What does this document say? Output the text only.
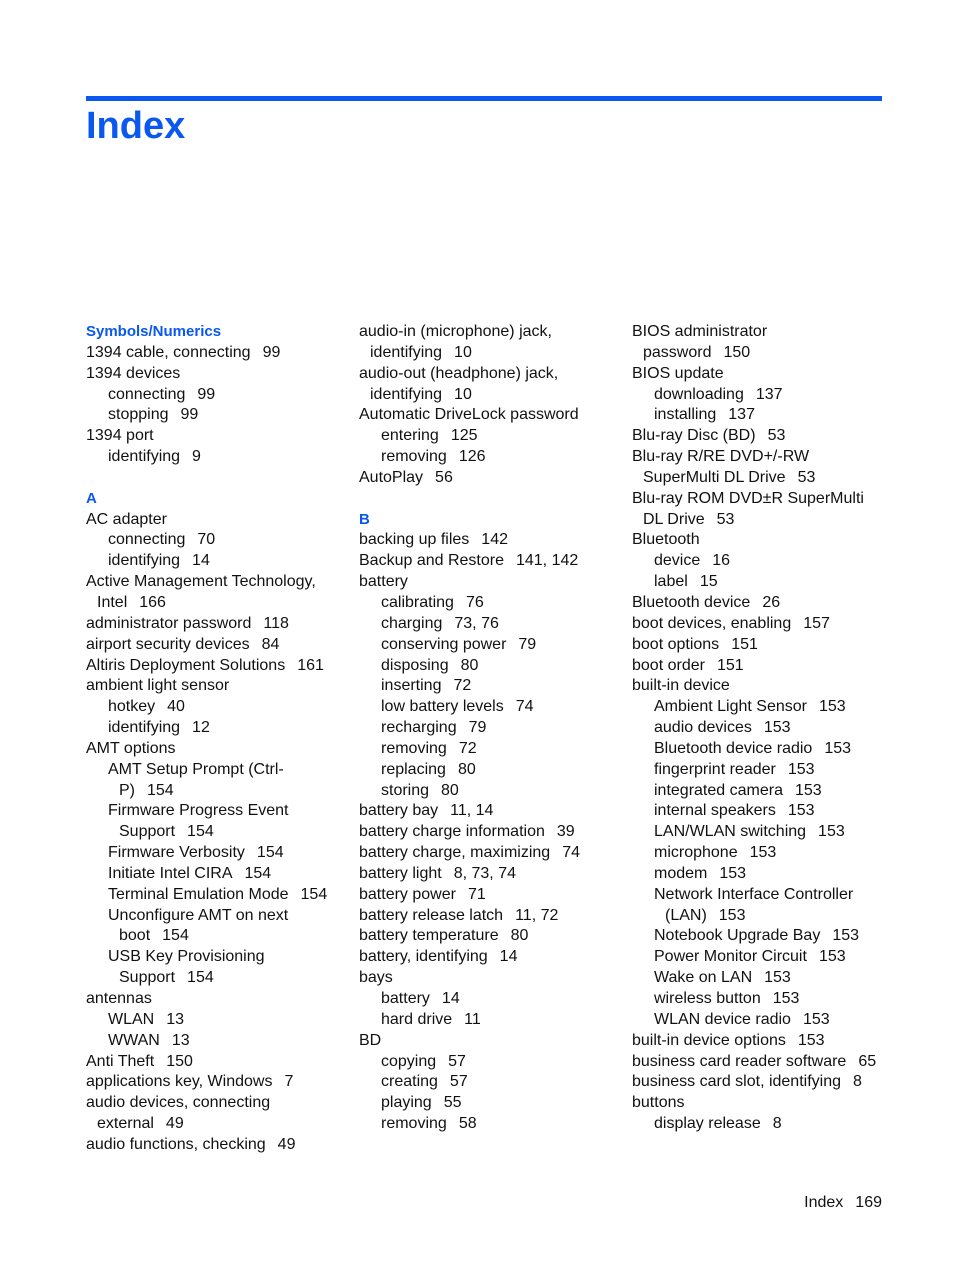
Index
Symbols/Numerics
1394 cable, connecting 99
1394 devices
connecting 99
stopping 99
1394 port
identifying 9
A
AC adapter
connecting 70
identifying 14
Active Management Technology,
Intel 166
administrator password 118
airport security devices 84
Altiris Deployment Solutions 161
ambient light sensor
hotkey 40
identifying 12
AMT options
AMT Setup Prompt (Ctrl-
P) 154
Firmware Progress Event
Support 154
Firmware Verbosity 154
Initiate Intel CIRA 154
Terminal Emulation Mode 154
Unconfigure AMT on next
boot 154
USB Key Provisioning
Support 154
antennas
WLAN 13
WWAN 13
Anti Theft 150
applications key, Windows 7
audio devices, connecting
external 49
audio functions, checking 49
audio-in (microphone) jack,
identifying 10
audio-out (headphone) jack,
identifying 10
Automatic DriveLock password
entering 125
removing 126
AutoPlay 56
B
backing up files 142
Backup and Restore 141, 142
battery
calibrating 76
charging 73, 76
conserving power 79
disposing 80
inserting 72
low battery levels 74
recharging 79
removing 72
replacing 80
storing 80
battery bay 11, 14
battery charge information 39
battery charge, maximizing 74
battery light 8, 73, 74
battery power 71
battery release latch 11, 72
battery temperature 80
battery, identifying 14
bays
battery 14
hard drive 11
BD
copying 57
creating 57
playing 55
removing 58
BIOS administrator
password 150
BIOS update
downloading 137
installing 137
Blu-ray Disc (BD) 53
Blu-ray R/RE DVD+/-RW
SuperMulti DL Drive 53
Blu-ray ROM DVD±R SuperMulti
DL Drive 53
Bluetooth
device 16
label 15
Bluetooth device 26
boot devices, enabling 157
boot options 151
boot order 151
built-in device
Ambient Light Sensor 153
audio devices 153
Bluetooth device radio 153
fingerprint reader 153
integrated camera 153
internal speakers 153
LAN/WLAN switching 153
microphone 153
modem 153
Network Interface Controller
(LAN) 153
Notebook Upgrade Bay 153
Power Monitor Circuit 153
Wake on LAN 153
wireless button 153
WLAN device radio 153
built-in device options 153
business card reader software 65
business card slot, identifying 8
buttons
display release 8
Index 169
